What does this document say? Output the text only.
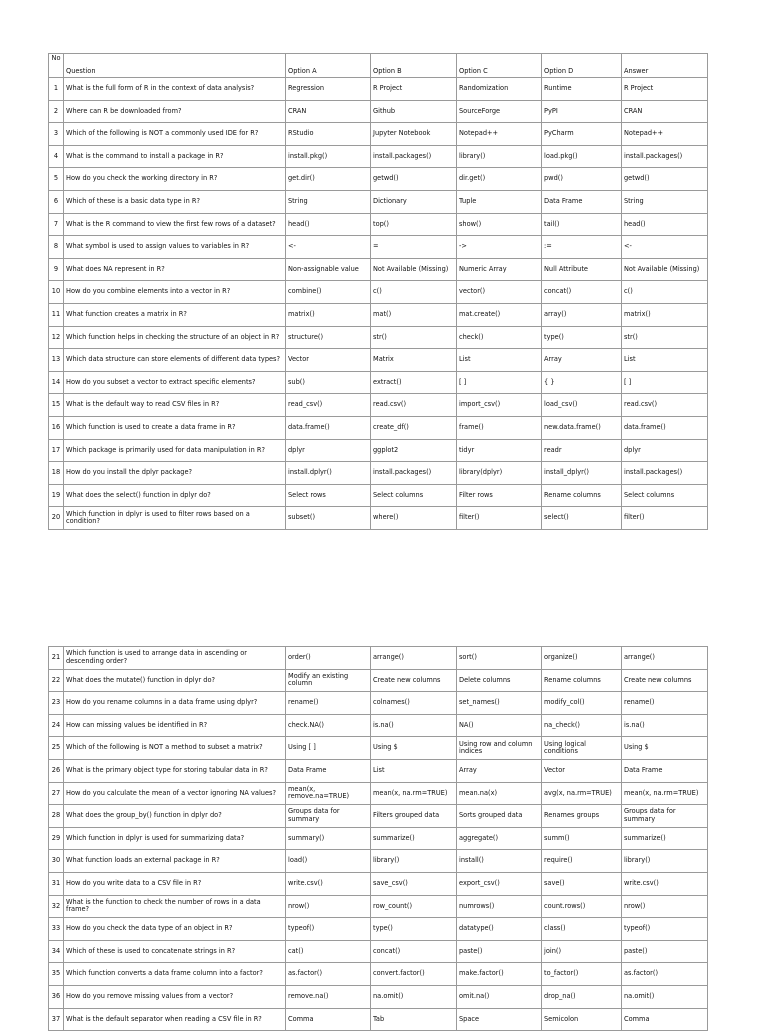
No	Question	Option A	Option B	Option C	Option D	Answer
1	What is the full form of R in the context of data analysis?	Regression	R Project	Randomization	Runtime	R Project
2	Where can R be downloaded from?	CRAN	Github	SourceForge	PyPI	CRAN
3	Which of the following is NOT a commonly used IDE for R?	RStudio	Jupyter Notebook	Notepad++	PyCharm	Notepad++
4	What is the command to install a package in R?	install.pkg()	install.packages()	library()	load.pkg()	install.packages()
5	How do you check the working directory in R?	get.dir()	getwd()	dir.get()	pwd()	getwd()
6	Which of these is a basic data type in R?	String	Dictionary	Tuple	Data Frame	String
7	What is the R command to view the first few rows of a dataset?	head()	top()	show()	tail()	head()
8	What symbol is used to assign values to variables in R?	<-	=	->	:=	<-
9	What does NA represent in R?	Non-assignable value	Not Available (Missing)	Numeric Array	Null Attribute	Not Available (Missing)
10	How do you combine elements into a vector in R?	combine()	c()	vector()	concat()	c()
11	What function creates a matrix in R?	matrix()	mat()	mat.create()	array()	matrix()
12	Which function helps in checking the structure of an object in R?	structure()	str()	check()	type()	str()
13	Which data structure can store elements of different data types?	Vector	Matrix	List	Array	List
14	How do you subset a vector to extract specific elements?	sub()	extract()	[ ]	{ }	[ ]
15	What is the default way to read CSV files in R?	read_csv()	read.csv()	import_csv()	load_csv()	read.csv()
16	Which function is used to create a data frame in R?	data.frame()	create_df()	frame()	new.data.frame()	data.frame()
17	Which package is primarily used for data manipulation in R?	dplyr	ggplot2	tidyr	readr	dplyr
18	How do you install the dplyr package?	install.dplyr()	install.packages()	library(dplyr)	install_dplyr()	install.packages()
19	What does the select() function in dplyr do?	Select rows	Select columns	Filter rows	Rename columns	Select columns
20	Which function in dplyr is used to filter rows based on a condition?	subset()	where()	filter()	select()	filter()
21	Which function is used to arrange data in ascending or descending order?	order()	arrange()	sort()	organize()	arrange()
22	What does the mutate() function in dplyr do?	Modify an existing column	Create new columns	Delete columns	Rename columns	Create new columns
23	How do you rename columns in a data frame using dplyr?	rename()	colnames()	set_names()	modify_col()	rename()
24	How can missing values be identified in R?	check.NA()	is.na()	NA()	na_check()	is.na()
25	Which of the following is NOT a method to subset a matrix?	Using [ ]	Using $	Using row and column indices	Using logical conditions	Using $
26	What is the primary object type for storing tabular data in R?	Data Frame	List	Array	Vector	Data Frame
27	How do you calculate the mean of a vector ignoring NA values?	mean(x, remove.na=TRUE)	mean(x, na.rm=TRUE)	mean.na(x)	avg(x, na.rm=TRUE)	mean(x, na.rm=TRUE)
28	What does the group_by() function in dplyr do?	Groups data for summary	Filters grouped data	Sorts grouped data	Renames groups	Groups data for summary
29	Which function in dplyr is used for summarizing data?	summary()	summarize()	aggregate()	summ()	summarize()
30	What function loads an external package in R?	load()	library()	install()	require()	library()
31	How do you write data to a CSV file in R?	write.csv()	save_csv()	export_csv()	save()	write.csv()
32	What is the function to check the number of rows in a data frame?	nrow()	row_count()	numrows()	count.rows()	nrow()
33	How do you check the data type of an object in R?	typeof()	type()	datatype()	class()	typeof()
34	Which of these is used to concatenate strings in R?	cat()	concat()	paste()	join()	paste()
35	Which function converts a data frame column into a factor?	as.factor()	convert.factor()	make.factor()	to_factor()	as.factor()
36	How do you remove missing values from a vector?	remove.na()	na.omit()	omit.na()	drop_na()	na.omit()
37	What is the default separator when reading a CSV file in R?	Comma	Tab	Space	Semicolon	Comma
